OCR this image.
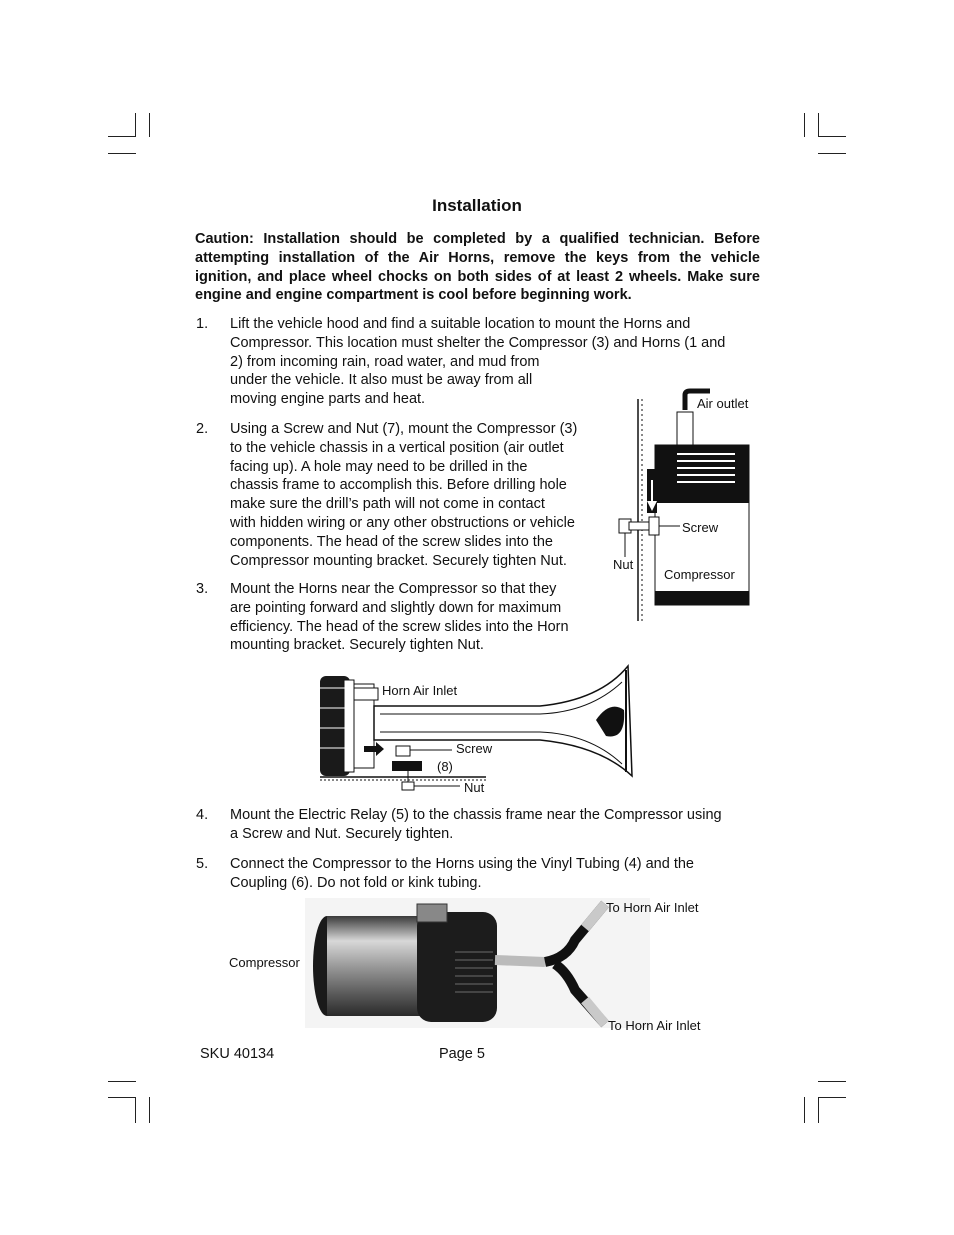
Installation
Caution: Installation should be completed by a qualified technician. Before attempting installation of the Air Horns, remove the keys from the vehicle ignition, and place wheel chocks on both sides of at least 2 wheels. Make sure engine and engine compartment is cool before beginning work.
1. Lift the vehicle hood and find a suitable location to mount the Horns and
Compressor. This location must shelter the Compressor (3) and Horns (1 and
2) from incoming rain, road water, and mud from
under the vehicle. It also must be away from all
moving engine parts and heat.
2. Using a Screw and Nut (7), mount the Compressor (3)
to the vehicle chassis in a vertical position (air outlet
facing up). A hole may need to be drilled in the
chassis frame to accomplish this. Before drilling hole
make sure the drill’s path will not come in contact
with hidden wiring or any other obstructions or vehicle
components. The head of the screw slides into the
Compressor mounting bracket. Securely tighten Nut.
3. Mount the Horns near the Compressor so that they
are pointing forward and slightly down for maximum
efficiency. The head of the screw slides into the Horn
mounting bracket. Securely tighten Nut.
Air outlet
Screw
Nut
Compressor
Horn Air Inlet
Screw
(8)
Nut
4. Mount the Electric Relay (5) to the chassis frame near the Compressor using
a Screw and Nut. Securely tighten.
5. Connect the Compressor to the Horns using the Vinyl Tubing (4) and the
Coupling (6). Do not fold or kink tubing.
Compressor
To Horn Air Inlet
To Horn Air Inlet
SKU 40134	Page 5
